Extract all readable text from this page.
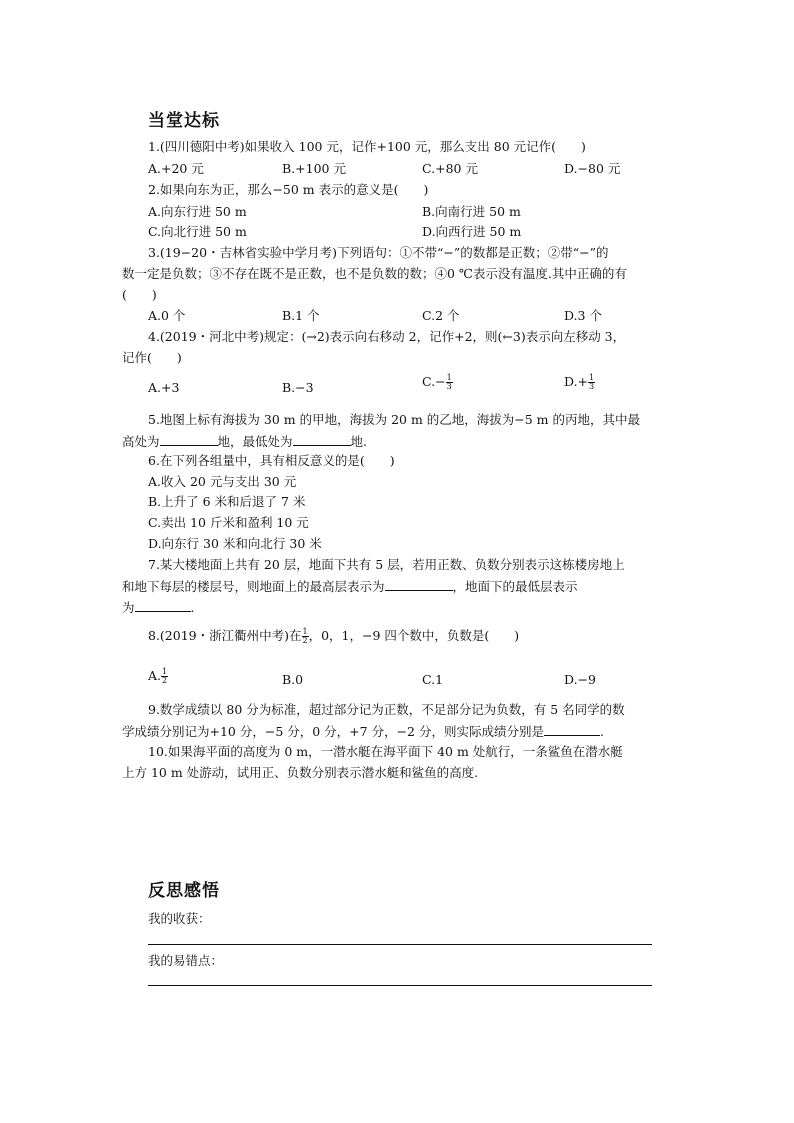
当堂达标
1.(四川德阳中考)如果收入 100 元，记作+100 元，那么支出 80 元记作(　　)
A.+20 元	B.+100 元	C.+80 元	D.−80 元
2.如果向东为正，那么−50 m 表示的意义是(　　)
A.向东行进 50 m	B.向南行进 50 m
C.向北行进 50 m	D.向西行进 50 m
3.(19−20・吉林省实验中学月考)下列语句：①不带“−”的数都是正数；②带“−”的
数一定是负数；③不存在既不是正数，也不是负数的数；④0 ℃表示没有温度.其中正确的有
(　　)
A.0 个	B.1 个	C.2 个	D.3 个
4.(2019・河北中考)规定：(→2)表示向右移动 2，记作+2，则(←3)表示向左移动 3，
记作(　　)
A.+3	B.−3	$C.- \frac{1}{3}$	$D.+ \frac{1}{3}$
5.地图上标有海拔为 30 m 的甲地，海拔为 20 m 的乙地，海拔为−5 m 的丙地，其中最
高处为	地，最低处为	地.
6.在下列各组量中，具有相反意义的是(　　)
A.收入 20 元与支出 30 元
B.上升了 6 米和后退了 7 米
C.卖出 10 斤米和盈利 10 元
D.向东行 30 米和向北行 30 米
7.某大楼地面上共有 20 层，地面下共有 5 层，若用正数、负数分别表示这栋楼房地上
和地下每层的楼层号，则地面上的最高层表示为	，地面下的最低层表示
为	.
8.(2019・浙江衢州中考)在 $\frac{1}{2}$ ，0，1，−9 四个数中，负数是(　　)
A. $\frac{1}{2}$	B.0	C.1	D.−9
9.数学成绩以 80 分为标准，超过部分记为正数，不足部分记为负数，有 5 名同学的数
学成绩分别记为+10 分，−5 分，0 分，+7 分，−2 分，则实际成绩分别是	.
10.如果海平面的高度为 0 m，一潜水艇在海平面下 40 m 处航行，一条鲨鱼在潜水艇
上方 10 m 处游动，试用正、负数分别表示潜水艇和鲨鱼的高度.
反思感悟
我的收获：
我的易错点：
